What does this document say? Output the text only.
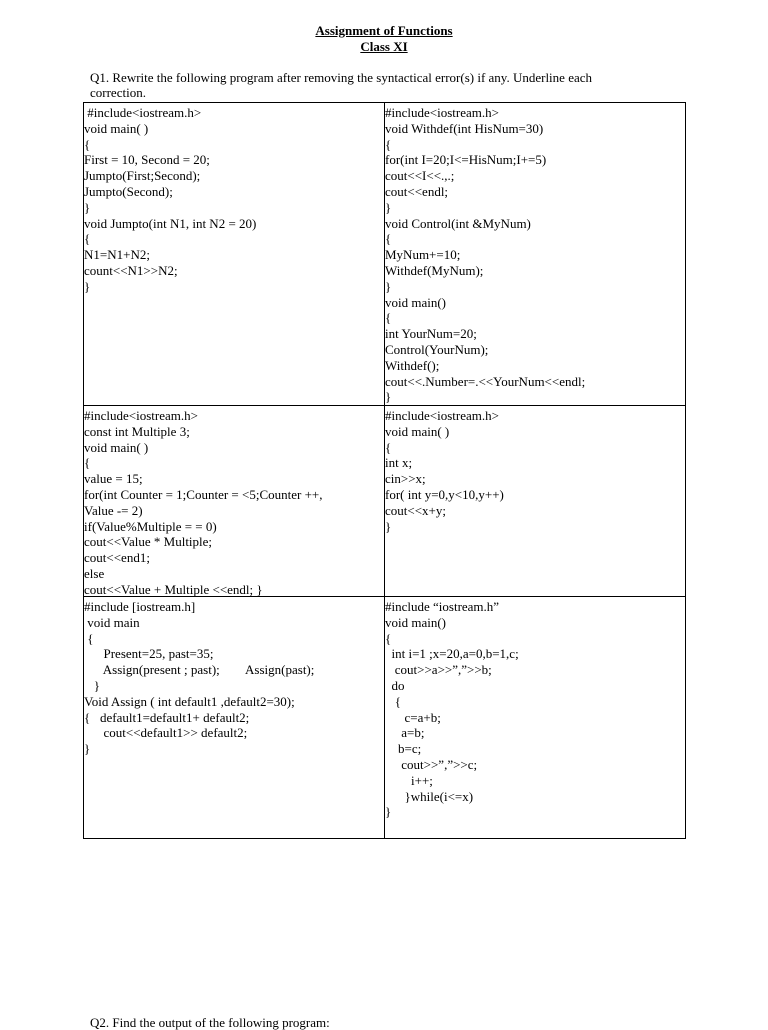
Assignment of Functions
Class XI
Q1. Rewrite the following program after removing the syntactical error(s) if any. Underline each correction.
#include<iostream.h>
void main( )
{
First = 10, Second = 20;
Jumpto(First;Second);
Jumpto(Second);
}
void Jumpto(int N1, int N2 = 20)
{
N1=N1+N2;
count<<N1>>N2;
}
#include<iostream.h>
void Withdef(int HisNum=30)
{
for(int I=20;I<=HisNum;I+=5)
cout<<I<<.,.;
cout<<endl;
}
void Control(int &MyNum)
{
MyNum+=10;
Withdef(MyNum);
}
void main()
{
int YourNum=20;
Control(YourNum);
Withdef();
cout<<.Number=.<<YourNum<<endl;
}
#include<iostream.h>
const int Multiple 3;
void main( )
{
value = 15;
for(int Counter = 1;Counter = <5;Counter ++,
Value -= 2)
if(Value%Multiple = = 0)
cout<<Value * Multiple;
cout<<end1;
else
cout<<Value + Multiple <<endl; }
#include<iostream.h>
void main( )
{
int x;
cin>>x;
for( int y=0,y<10,y++)
cout<<x+y;
}
#include [iostream.h]
void main
{
Present=25, past=35;
Assign(present ; past);        Assign(past);
}
Void Assign ( int default1 ,default2=30);
{   default1=default1+ default2;
cout<<default1>> default2;
}
#include “iostream.h”
void main()
{
int i=1 ;x=20,a=0,b=1,c;
cout>>a>>”,”>>b;
do
{
c=a+b;
a=b;
b=c;
cout>>”,”>>c;
i++;
}while(i<=x)
}
Q2. Find the output of the following program:
